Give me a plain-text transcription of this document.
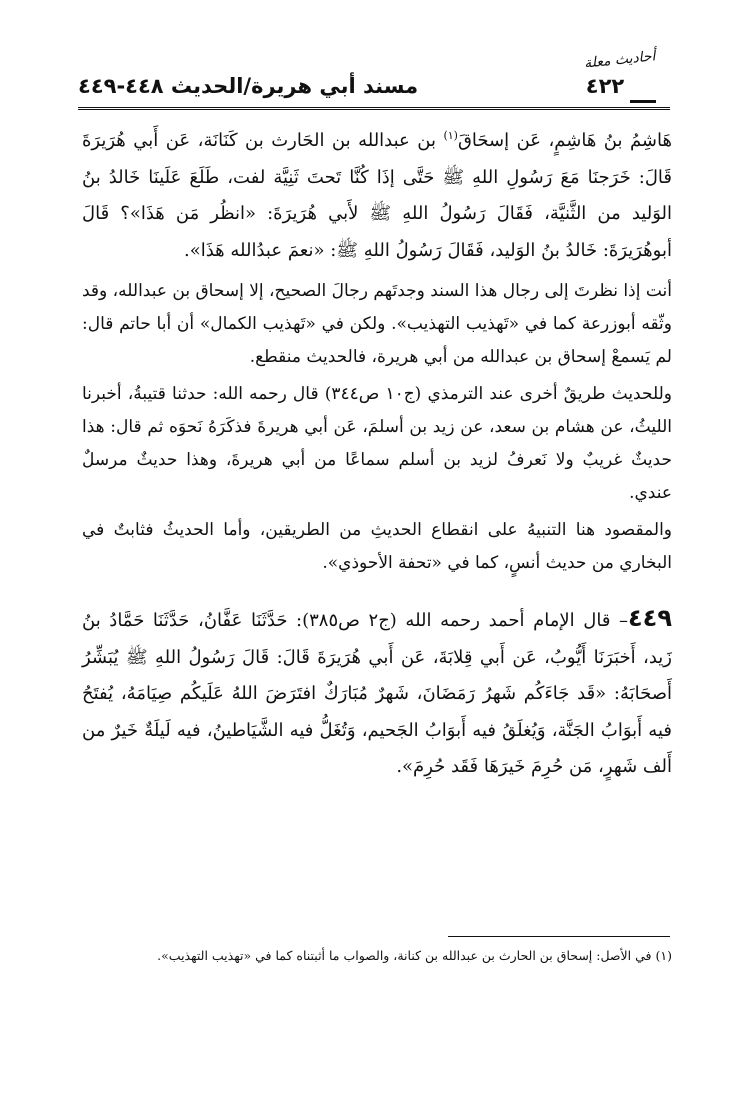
أحاديث معلة
٤٢٢
مسند أبي هريرة/الحديث ٤٤٨-٤٤٩

هَاشِمُ بنُ هَاشِمٍ، عَن إسحَاقَ$^{(١)}$ بن عبدالله بن الحَارث بن كَنَانَة، عَن أَبي هُرَيرَةَ قَالَ: خَرَجنَا مَعَ رَسُولِ اللهِ ﷺ حَتَّى إذَا كُنَّا تَحتَ ثَنِيَّة لفت، طَلَعَ عَلَينَا خَالدُ بنُ الوَليد من الثَّنيَّة، فَقَالَ رَسُولُ اللهِ ﷺ لأَبي هُرَيرَةَ: «انظُر مَن هَذَا»؟ قَالَ أبوهُرَيرَةَ: خَالدُ بنُ الوَليد، فَقَالَ رَسُولُ اللهِ ﷺ: «نعمَ عبدُالله هَذَا».

أنت إذا نظرتَ إلى رجال هذا السند وجدتَهم رجالَ الصحيح، إلا إسحاق بن عبدالله، وقد وثّقه أبوزرعة كما في «تَهذيب التهذيب». ولكن في «تَهذيب الكمال» أن أبا حاتم قال: لم يَسمعْ إسحاق بن عبدالله من أبي هريرة، فالحديث منقطع.

وللحديث طريقٌ أخرى عند الترمذي (ج١٠ ص٣٤٤) قال رحمه الله: حدثنا قتيبةُ، أخبرنا الليثُ، عن هشام بن سعد، عن زيد بن أسلمَ، عَن أبي هريرةَ فذكَرَهُ نَحوَه ثم قال: هذا حديثٌ غريبٌ ولا نَعرفُ لزيد بن أسلم سماعًا من أبي هريرةَ، وهذا حديثٌ مرسلٌ عندي.

والمقصود هنا التنبيهُ على انقطاع الحديثِ من الطريقين، وأما الحديثُ فثابتٌ في البخاري من حديث أنسٍ، كما في «تحفة الأحوذي».

٤٤٩– قال الإمام أحمد رحمه الله (ج٢ ص٣٨٥): حَدَّثَنَا عَفَّانُ، حَدَّثَنَا حَمَّادُ بنُ زَيد، أَخبَرَنَا أَيُّوبُ، عَن أَبي قِلابَةَ، عَن أَبي هُرَيرَةَ قَالَ: قَالَ رَسُولُ اللهِ ﷺ يُبَشِّرُ أَصحَابَهُ: «قَد جَاءَكُم شَهرُ رَمَضَانَ، شَهرٌ مُبَارَكٌ افتَرَضَ اللهُ عَلَيكُم صِيَامَهُ، يُفتَحُ فيه أَبوَابُ الجَنَّة، وَيُغلَقُ فيه أَبوَابُ الجَحيم، وَتُغَلُّ فيه الشَّيَاطينُ، فيه لَيلَةٌ خَيرٌ من أَلف شَهرٍ، مَن حُرِمَ خَيرَهَا فَقَد حُرِمَ».

(١) في الأصل: إسحاق بن الحارث بن عبدالله بن كنانة، والصواب ما أثبتناه كما في «تهذيب التهذيب».
